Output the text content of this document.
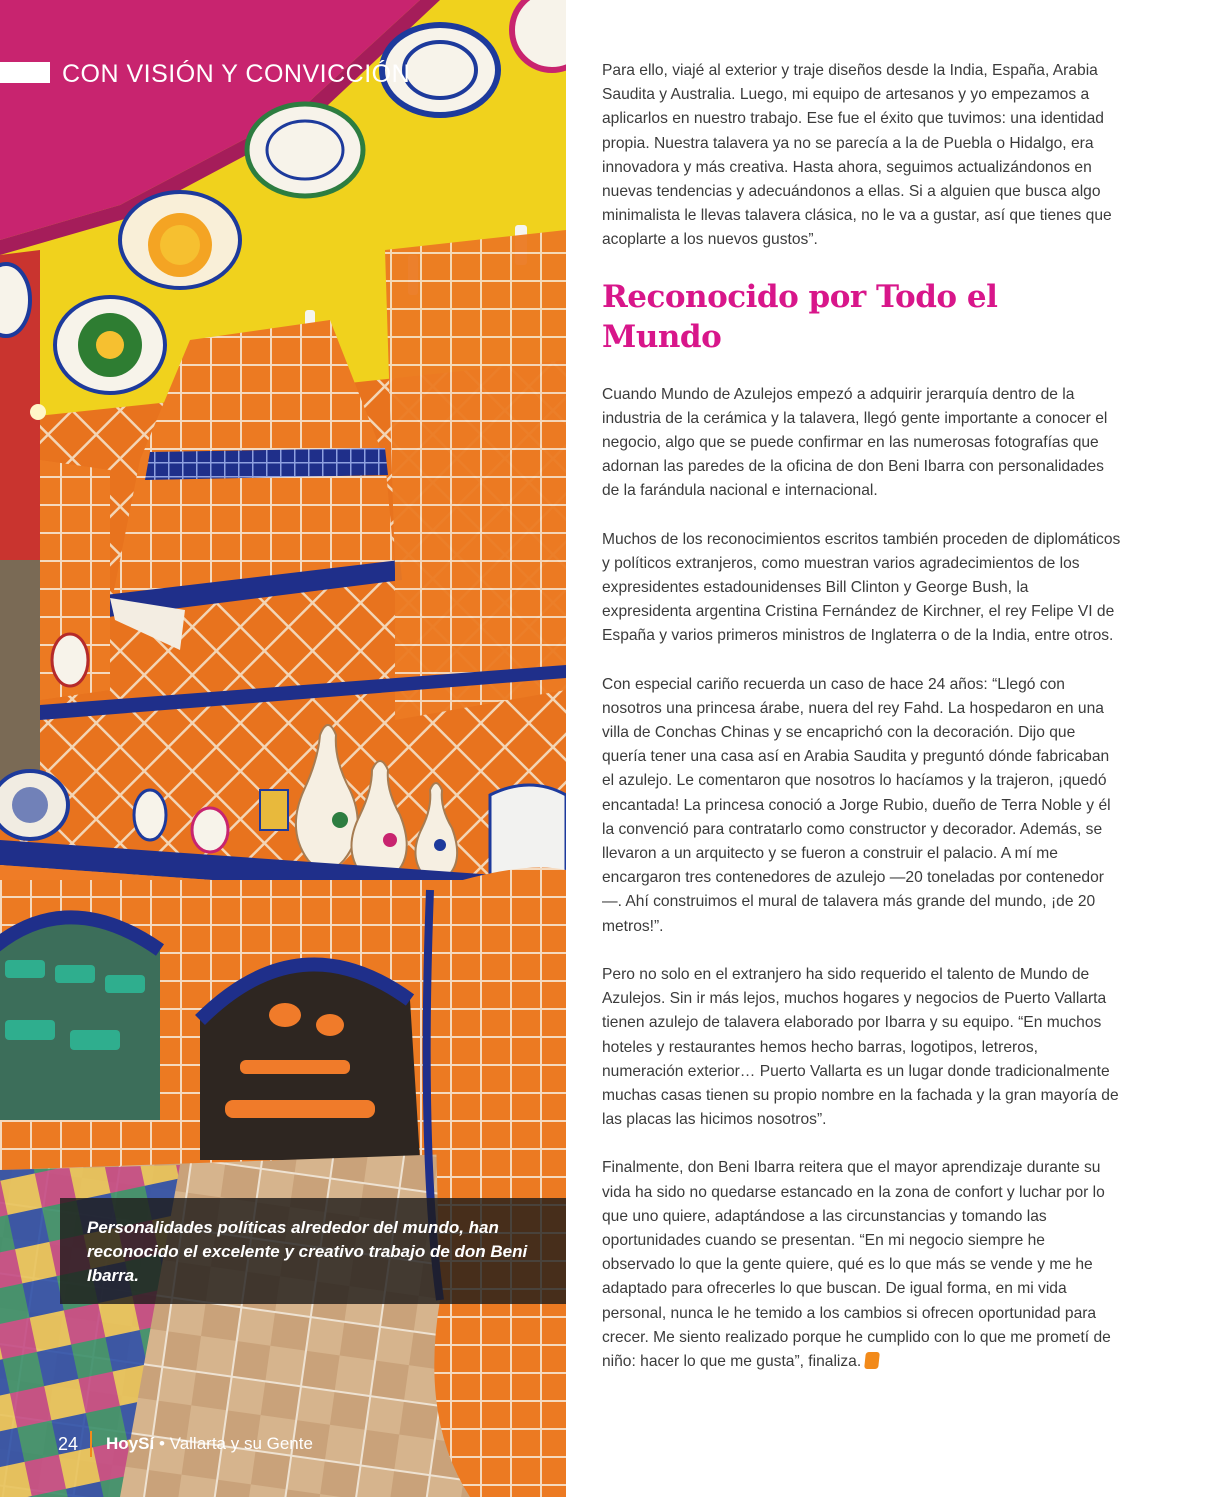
CON VISIÓN Y CONVICCIÓN
Personalidades políticas alrededor del mundo, han reconocido el excelente y creativo trabajo de don Beni Ibarra.
24 HoySí • Vallarta y su Gente

Para ello, viajé al exterior y traje diseños desde la India, España, Arabia Saudita y Australia. Luego, mi equipo de artesanos y yo empezamos a aplicarlos en nuestro trabajo. Ese fue el éxito que tuvimos: una identidad propia. Nuestra talavera ya no se parecía a la de Puebla o Hidalgo, era innovadora y más creativa. Hasta ahora, seguimos actualizándonos en nuevas tendencias y adecuándonos a ellas. Si a alguien que busca algo minimalista le llevas talavera clásica, no le va a gustar, así que tienes que acoplarte a los nuevos gustos”.

Reconocido por Todo el Mundo

Cuando Mundo de Azulejos empezó a adquirir jerarquía dentro de la industria de la cerámica y la talavera, llegó gente importante a conocer el negocio, algo que se puede confirmar en las numerosas fotografías que adornan las paredes de la oficina de don Beni Ibarra con personalidades de la farándula nacional e internacional.

Muchos de los reconocimientos escritos también proceden de diplomáticos y políticos extranjeros, como muestran varios agradecimientos de los expresidentes estadounidenses Bill Clinton y George Bush, la expresidenta argentina Cristina Fernández de Kirchner, el rey Felipe VI de España y varios primeros ministros de Inglaterra o de la India, entre otros.

Con especial cariño recuerda un caso de hace 24 años: “Llegó con nosotros una princesa árabe, nuera del rey Fahd. La hospedaron en una villa de Conchas Chinas y se encaprichó con la decoración. Dijo que quería tener una casa así en Arabia Saudita y preguntó dónde fabricaban el azulejo. Le comentaron que nosotros lo hacíamos y la trajeron, ¡quedó encantada! La princesa conoció a Jorge Rubio, dueño de Terra Noble y él la convenció para contratarlo como constructor y decorador. Además, se llevaron a un arquitecto y se fueron a construir el palacio. A mí me encargaron tres contenedores de azulejo —20 toneladas por contenedor—. Ahí construimos el mural de talavera más grande del mundo, ¡de 20 metros!”.

Pero no solo en el extranjero ha sido requerido el talento de Mundo de Azulejos. Sin ir más lejos, muchos hogares y negocios de Puerto Vallarta tienen azulejo de talavera elaborado por Ibarra y su equipo. “En muchos hoteles y restaurantes hemos hecho barras, logotipos, letreros, numeración exterior… Puerto Vallarta es un lugar donde tradicionalmente muchas casas tienen su propio nombre en la fachada y la gran mayoría de las placas las hicimos nosotros”.

Finalmente, don Beni Ibarra reitera que el mayor aprendizaje durante su vida ha sido no quedarse estancado en la zona de confort y luchar por lo que uno quiere, adaptándose a las circunstancias y tomando las oportunidades cuando se presentan. “En mi negocio siempre he observado lo que la gente quiere, qué es lo que más se vende y me he adaptado para ofrecerles lo que buscan. De igual forma, en mi vida personal, nunca le he temido a los cambios si ofrecen oportunidad para crecer. Me siento realizado porque he cumplido con lo que me prometí de niño: hacer lo que me gusta”, finaliza.
